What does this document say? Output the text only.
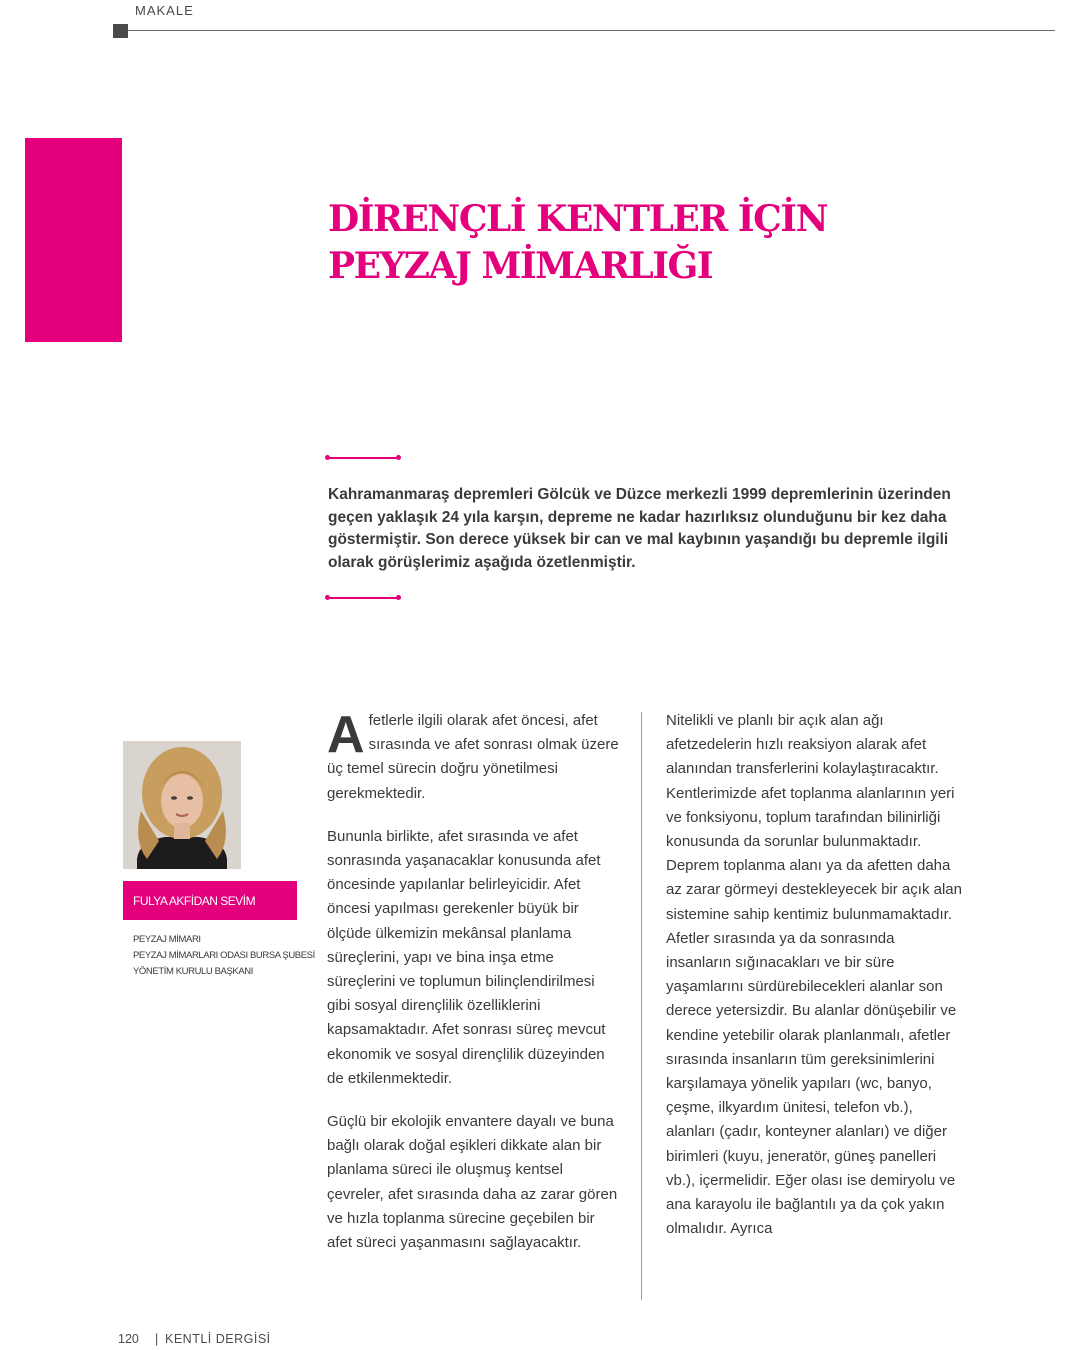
MAKALE
DİRENÇLİ KENTLER İÇİN
PEYZAJ MİMARLIĞI

Kahramanmaraş depremleri Gölcük ve Düzce merkezli 1999 depremlerinin üzerinden geçen yaklaşık 24 yıla karşın, depreme ne kadar hazırlıksız olunduğunu bir kez daha göstermiştir. Son derece yüksek bir can ve mal kaybının yaşandığı bu depremle ilgili olarak görüşlerimiz aşağıda özetlenmiştir.

FULYA AKFİDAN SEVİM
PEYZAJ MİMARI
PEYZAJ MİMARLARI ODASI BURSA ŞUBESİ
YÖNETİM KURULU BAŞKANI

Afetlerle ilgili olarak afet öncesi, afet sırasında ve afet sonrası olmak üzere üç temel sürecin doğru yönetilmesi gerekmektedir.

Bununla birlikte, afet sırasında ve afet sonrasında yaşanacaklar konusunda afet öncesinde yapılanlar belirleyicidir. Afet öncesi yapılması gerekenler büyük bir ölçüde ülkemizin mekânsal planlama süreçlerini, yapı ve bina inşa etme süreçlerini ve toplumun bilinçlendirilmesi gibi sosyal dirençlilik özelliklerini kapsamaktadır. Afet sonrası süreç mevcut ekonomik ve sosyal dirençlilik düzeyinden de etkilenmektedir.

Güçlü bir ekolojik envantere dayalı ve buna bağlı olarak doğal eşikleri dikkate alan bir planlama süreci ile oluşmuş kentsel çevreler, afet sırasında daha az zarar gören ve hızla toplanma sürecine geçebilen bir afet süreci yaşanmasını sağlayacaktır.

Nitelikli ve planlı bir açık alan ağı afetzedelerin hızlı reaksiyon alarak afet alanından transferlerini kolaylaştıracaktır. Kentlerimizde afet toplanma alanlarının yeri ve fonksiyonu, toplum tarafından bilinirliği konusunda da sorunlar bulunmaktadır. Deprem toplanma alanı ya da afetten daha az zarar görmeyi destekleyecek bir açık alan sistemine sahip kentimiz bulunmamaktadır. Afetler sırasında ya da sonrasında insanların sığınacakları ve bir süre yaşamlarını sürdürebilecekleri alanlar son derece yetersizdir. Bu alanlar dönüşebilir ve kendine yetebilir olarak planlanmalı, afetler sırasında insanların tüm gereksinimlerini karşılamaya yönelik yapıları (wc, banyo, çeşme, ilkyardım ünitesi, telefon vb.), alanları (çadır, konteyner alanları) ve diğer birimleri (kuyu, jeneratör, güneş panelleri vb.), içermelidir. Eğer olası ise demiryolu ve ana karayolu ile bağlantılı ya da çok yakın olmalıdır. Ayrıca

120 | KENTLİ DERGİSİ
